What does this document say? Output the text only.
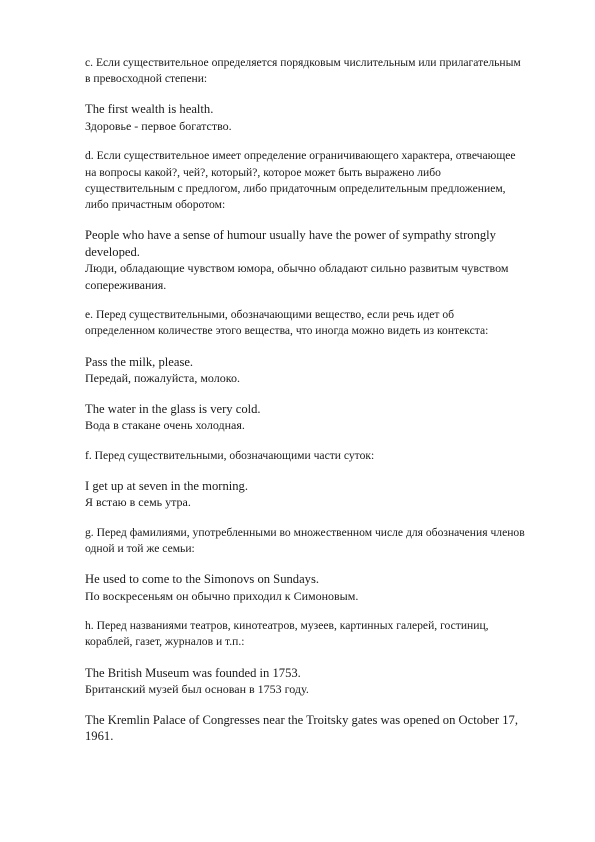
c. Если существительное определяется порядковым числительным или прилагательным в превосходной степени:

The first wealth is health.

Здоровье - первое богатство.

d. Если существительное имеет определение ограничивающего характера, отвечающее на вопросы какой?, чей?, который?, которое может быть выражено либо существительным с предлогом, либо придаточным определительным предложением, либо причастным оборотом:

People who have a sense of humour usually have the power of sympathy strongly developed.

Люди, обладающие чувством юмора, обычно обладают сильно развитым чувством сопереживания.

e. Перед существительными, обозначающими вещество, если речь идет об определенном количестве этого вещества, что иногда можно видеть из контекста:

Pass the milk, please.

Передай, пожалуйста, молоко.

The water in the glass is very cold.

Вода в стакане очень холодная.

f. Перед существительными, обозначающими части суток:

I get up at seven in the morning.

Я встаю в семь утра.

g. Перед фамилиями, употребленными во множественном числе для обозначения членов одной и той же семьи:

He used to come to the Simonovs on Sundays.

По воскресеньям он обычно приходил к Симоновым.

h. Перед названиями театров, кинотеатров, музеев, картинных галерей, гостиниц, кораблей, газет, журналов и т.п.:

The British Museum was founded in 1753.

Британский музей был основан в 1753 году.

The Kremlin Palace of Congresses near the Troitsky gates was opened on October 17, 1961.
